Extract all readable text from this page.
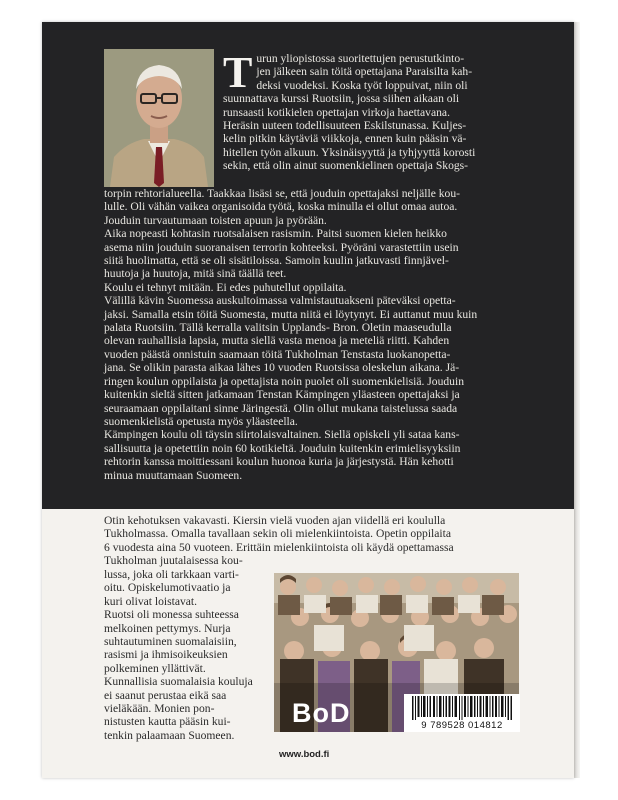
T urun yliopistossa suoritettujen perustutkinto-

jen jälkeen sain töitä opettajana Paraisilta kah-

deksi vuodeksi. Koska työt loppuivat, niin oli

suunnattava kurssi Ruotsiin, jossa siihen aikaan oli

runsaasti kotikielen opettajan virkoja haettavana.

Heräsin uuteen todellisuuteen Eskilstunassa. Kuljes-

kelin pitkin käytäviä viikkoja, ennen kuin pääsin vä-

hitellen työn alkuun. Yksinäisyyttä ja tyhjyyttä korosti

sekin, että olin ainut suomenkielinen opettaja Skogs-

torpin rehtorialueella. Taakkaa lisäsi se, että jouduin opettajaksi neljälle kou-

lulle. Oli vähän vaikea organisoida työtä, koska minulla ei ollut omaa autoa.

Jouduin turvautumaan toisten apuun ja pyörään.

Aika nopeasti kohtasin ruotsalaisen rasismin. Paitsi suomen kielen heikko

asema niin jouduin suoranaisen terrorin kohteeksi. Pyöräni varastettiin usein

siitä huolimatta, että se oli sisätiloissa. Samoin kuulin jatkuvasti finnjävel-

huutoja ja huutoja, mitä sinä täällä teet.

Koulu ei tehnyt mitään. Ei edes puhutellut oppilaita.

Välillä kävin Suomessa auskultoimassa valmistautuakseni päteväksi opetta-

jaksi. Samalla etsin töitä Suomesta, mutta niitä ei löytynyt. Ei auttanut muu kuin

palata Ruotsiin. Tällä kerralla valitsin Upplands- Bron. Oletin maaseudulla

olevan rauhallisia lapsia, mutta siellä vasta menoa ja meteliä riitti. Kahden

vuoden päästä onnistuin saamaan töitä Tukholman Tenstasta luokanopetta-

jana. Se olikin parasta aikaa lähes 10 vuoden Ruotsissa oleskelun aikana. Jä-

ringen koulun oppilaista ja opettajista noin puolet oli suomenkielisiä. Jouduin

kuitenkin sieltä sitten jatkamaan Tenstan Kämpingen yläasteen opettajaksi ja

seuraamaan oppilaitani sinne Järingestä. Olin ollut mukana taistelussa saada

suomenkielistä opetusta myös yläasteella.

Kämpingen koulu oli täysin siirtolaisvaltainen. Siellä opiskeli yli sataa kans-

sallisuutta ja opetettiin noin 60 kotikieltä. Jouduin kuitenkin erimielisyyksiin

rehtorin kanssa moittiessani koulun huonoa kuria ja järjestystä. Hän kehotti

minua muuttamaan Suomeen.

Otin kehotuksen vakavasti. Kiersin vielä vuoden ajan viidellä eri koululla

Tukholmassa. Omalla tavallaan sekin oli mielenkiintoista. Opetin oppilaita

6 vuodesta aina 50 vuoteen. Erittäin mielenkiintoista oli käydä opettamassa

Tukholman juutalaisessa kou-

lussa, joka oli tarkkaan varti-

oitu. Opiskelumotivaatio ja

kuri olivat loistavat.

Ruotsi oli monessa suhteessa

melkoinen pettymys. Nurja

suhtautuminen suomalaisiin,

rasismi ja ihmisoikeuksien

polkeminen yllättivät.

Kunnallisia suomalaisia kouluja

ei saanut perustaa eikä saa

vieläkään. Monien pon-

nistusten kautta pääsin kui-

tenkin palaamaan Suomeen.

BoD	9 789528 014812
www.bod.fi
